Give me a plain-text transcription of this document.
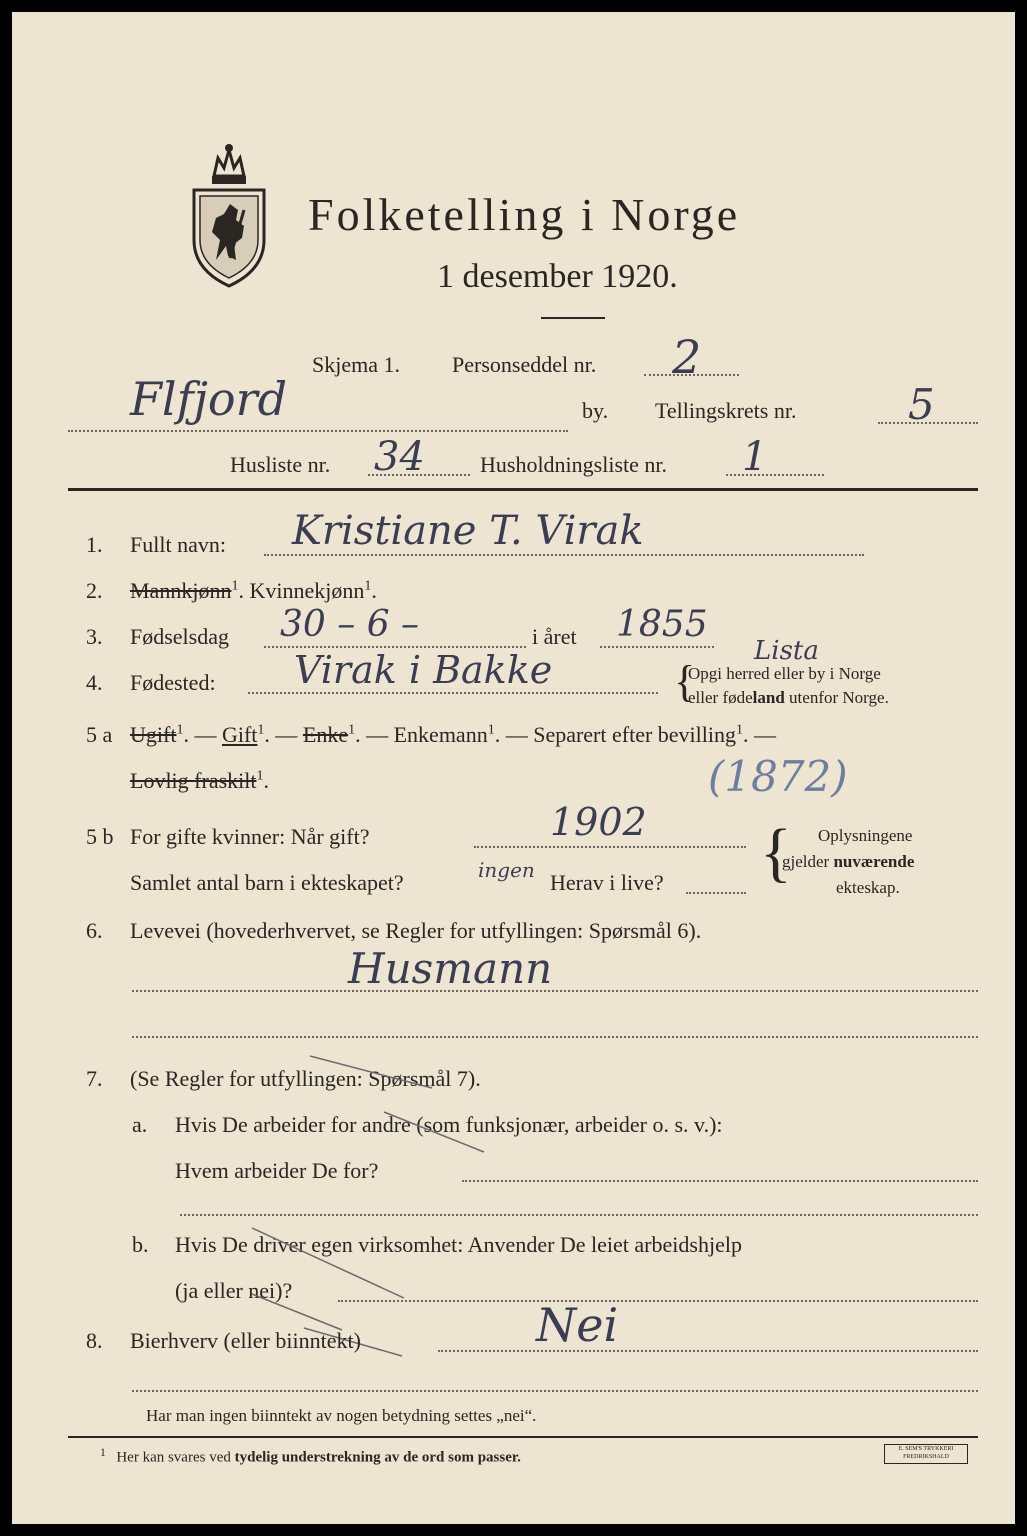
Folketelling i Norge
1 desember 1920.
Skjema 1. Personseddel nr. 2
Flfjord	by. Tellingskrets nr.	5
Husliste nr. 34	Husholdningsliste nr. 1
1. Fullt navn: Kristiane T. Virak
2. Mannkjønn$^1$. Kvinnekjønn$^1$.
3. Fødselsdag 30 – 6 –	i året 1855
4. Fødested: Virak i Bakke	Lista
{
Opgi herred eller by i Norge
eller fødeland utenfor Norge.
5 a Ugift$^1$. — Gift$^1$. — Enke$^1$. — Enkemann$^1$. — Separert efter bevilling$^1$. —
Lovlig fraskilt$^1$.	(1872)
5 b For gifte kvinner: Når gift?	1902
Samlet antal barn i ekteskapet?	ingen Herav i live? { Oplysningene
gjelder nuværende
ekteskap.
6. Levevei (hovederhvervet, se Regler for utfyllingen: Spørsmål 6).
Husmann
7. (Se Regler for utfyllingen: Spørsmål 7).
a. Hvis De arbeider for andre (som funksjonær, arbeider o. s. v.):
Hvem arbeider De for?
b. Hvis De driver egen virksomhet: Anvender De leiet arbeidshjelp
(ja eller nei)?
8. Bierhverv (eller biinntekt)	Nei
Har man ingen biinntekt av nogen betydning settes „nei“.
$^1$ Her kan svares ved tydelig understrekning av de ord som passer.
E. SEM'S TRYKKERI
FREDRIKSHALD
